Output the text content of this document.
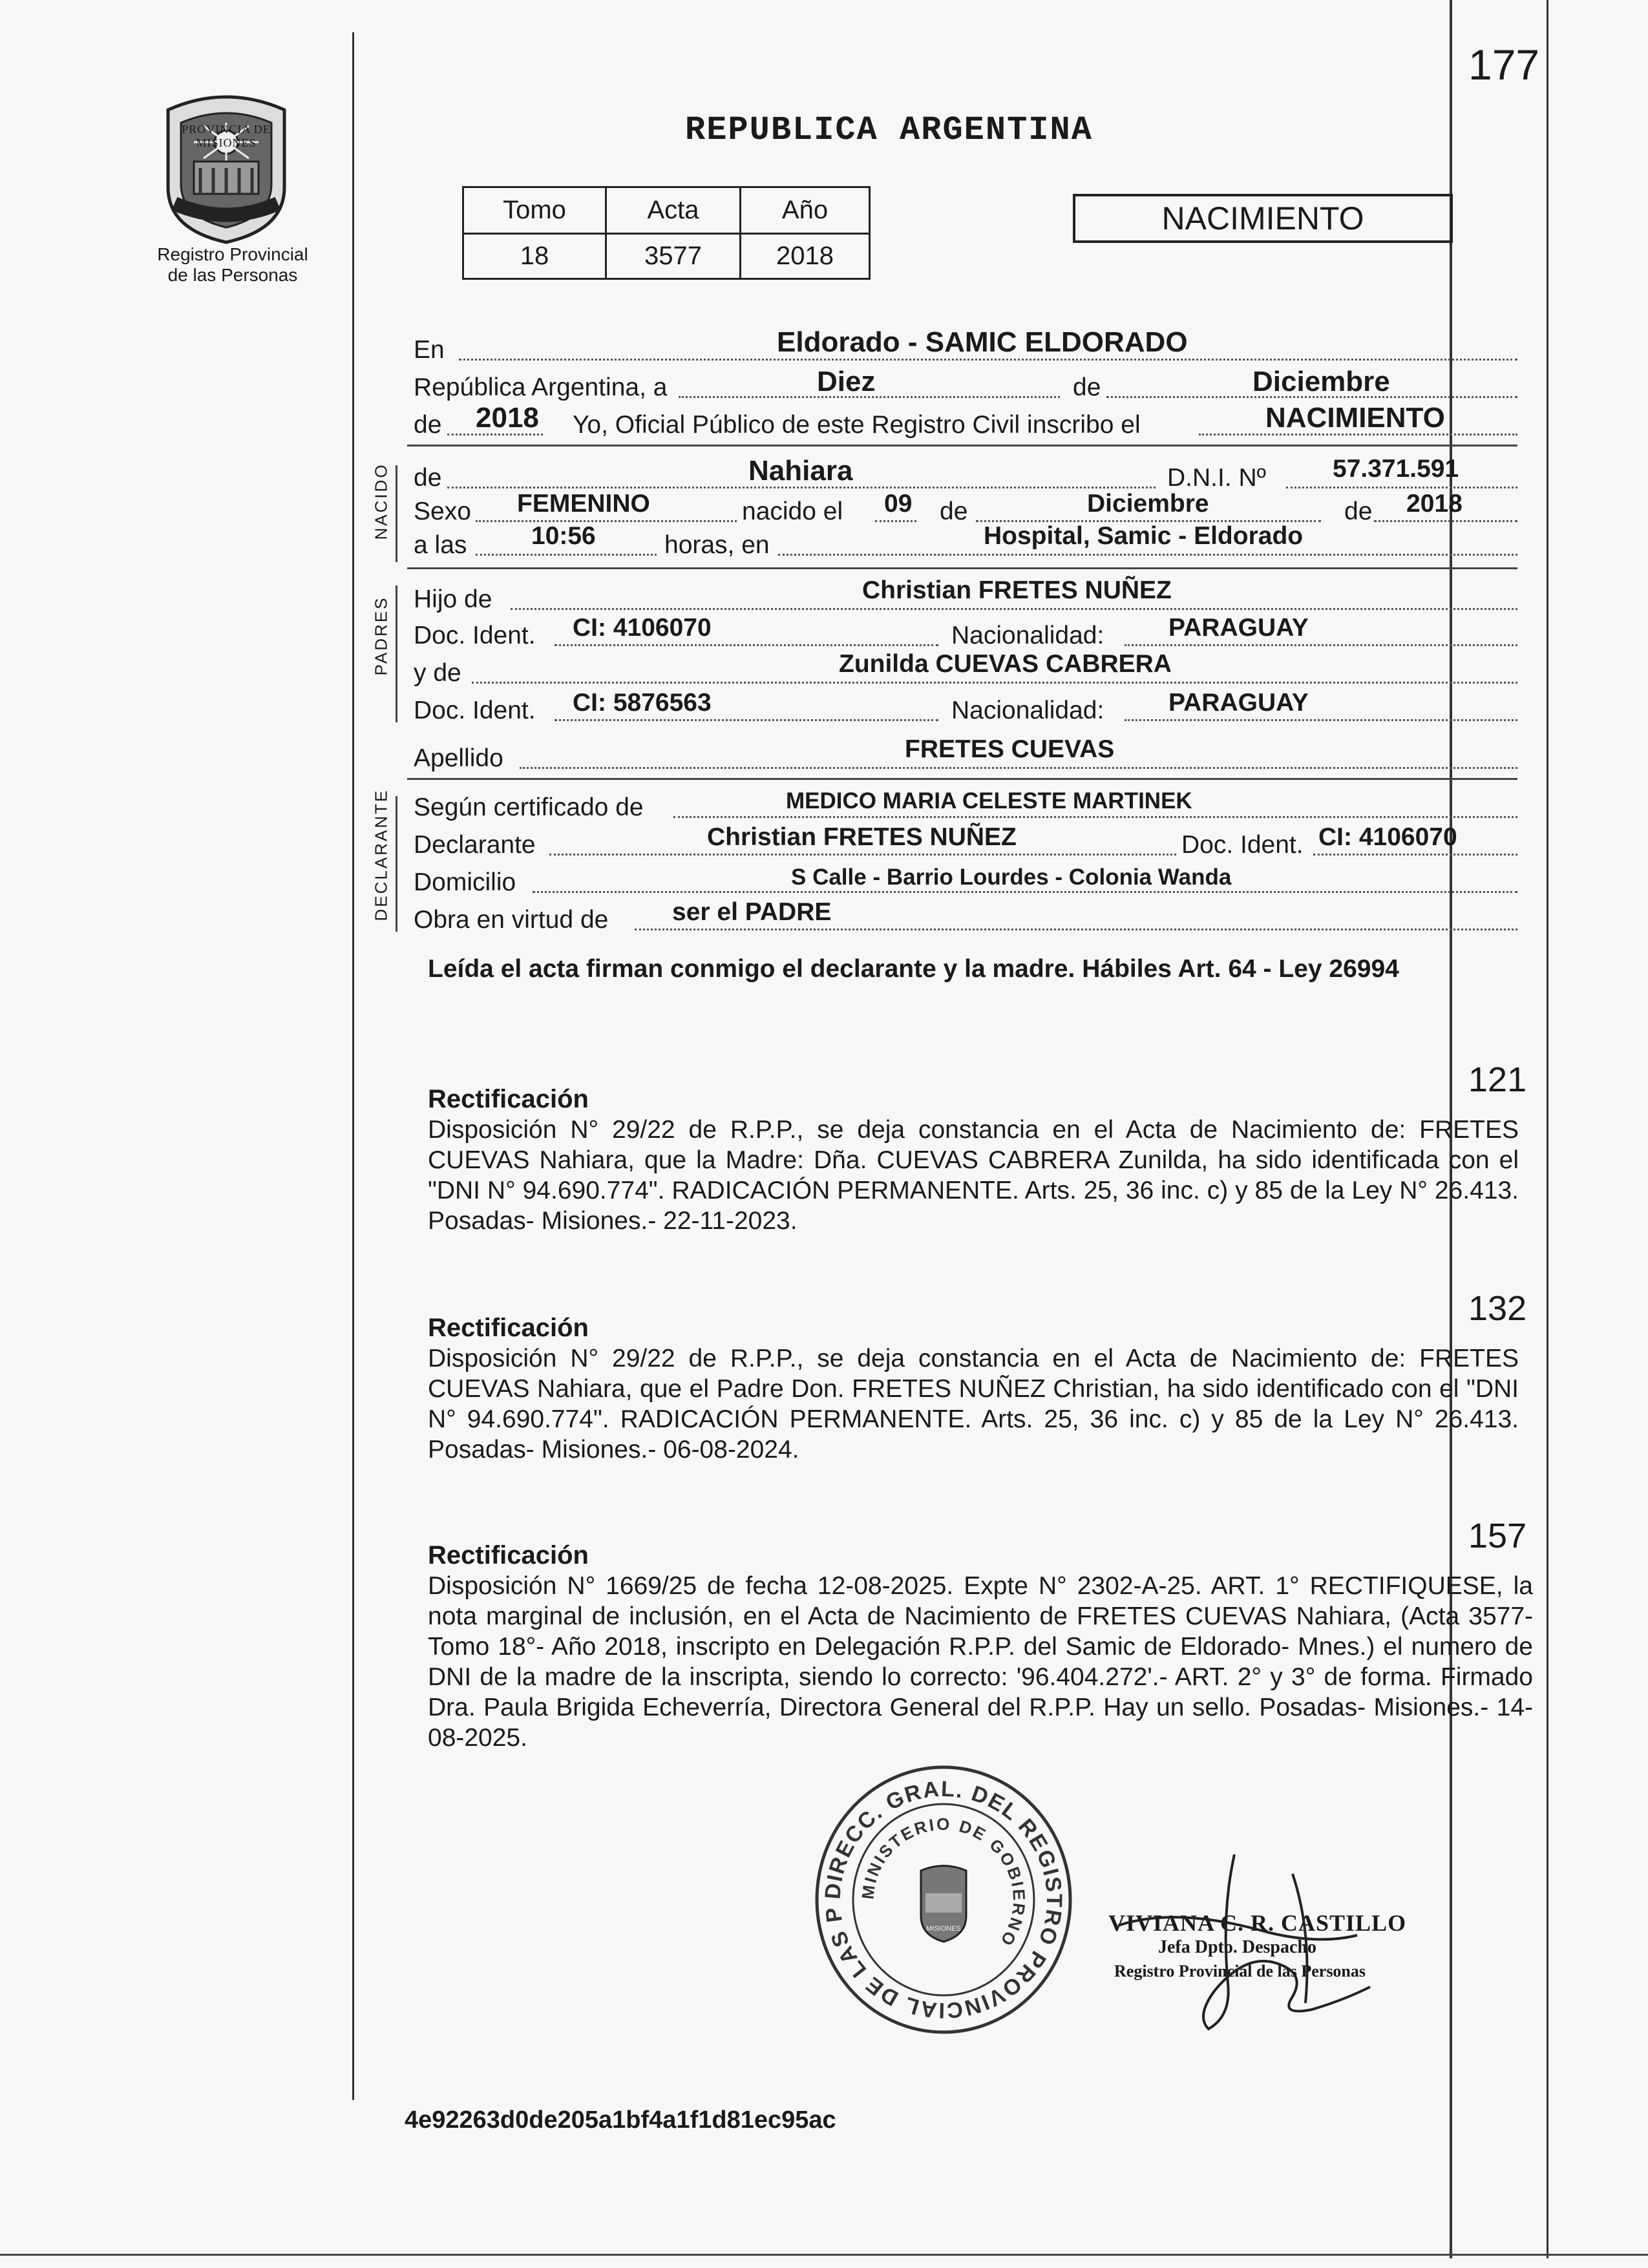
177
PROVINCIA DE MISIONES
Registro Provincial
de las Personas
REPUBLICA ARGENTINA
Tomo	Acta	Año
18	3577	2018
NACIMIENTO
En	Eldorado - SAMIC ELDORADO
República Argentina, a	Diez	de	Diciembre
de 2018 Yo, Oficial Público de este Registro Civil inscribo el	NACIMIENTO
NACIDO de	Nahiara	D.N.I. Nº	57.371.591
Sexo FEMENINO	nacido el 09 de	Diciembre	de 2018
a las	10:56	horas, en	Hospital, Samic - Eldorado
PADRES Hijo de	Christian FRETES NUÑEZ
Doc. Ident. CI: 4106070	Nacionalidad:	PARAGUAY
y de	Zunilda CUEVAS CABRERA
Doc. Ident. CI: 5876563	Nacionalidad:	PARAGUAY
Apellido	FRETES CUEVAS
DECLARANTE Según certificado de	MEDICO MARIA CELESTE MARTINEK
Declarante	Christian FRETES NUÑEZ	Doc. Ident. CI: 4106070
Domicilio	S Calle - Barrio Lourdes - Colonia Wanda
Obra en virtud de	ser el PADRE
Leída el acta firman conmigo el declarante y la madre. Hábiles Art. 64 - Ley 26994
121
Rectificación
Disposición N° 29/22 de R.P.P., se deja constancia en el Acta de Nacimiento de: FRETES CUEVAS Nahiara, que la Madre: Dña. CUEVAS CABRERA Zunilda, ha sido identificada con el "DNI N° 94.690.774". RADICACIÓN PERMANENTE. Arts. 25, 36 inc. c) y 85 de la Ley N° 26.413. Posadas- Misiones.- 22-11-2023.
132
Rectificación
Disposición N° 29/22 de R.P.P., se deja constancia en el Acta de Nacimiento de: FRETES CUEVAS Nahiara, que el Padre Don. FRETES NUÑEZ Christian, ha sido identificado con el "DNI N° 94.690.774". RADICACIÓN PERMANENTE. Arts. 25, 36 inc. c) y 85 de la Ley N° 26.413. Posadas- Misiones.- 06-08-2024.
157
Rectificación
Disposición N° 1669/25 de fecha 12-08-2025. Expte N° 2302-A-25. ART. 1° RECTIFIQUESE, la nota marginal de inclusión, en el Acta de Nacimiento de FRETES CUEVAS Nahiara, (Acta 3577- Tomo 18°- Año 2018, inscripto en Delegación R.P.P. del Samic de Eldorado- Mnes.) el numero de DNI de la madre de la inscripta, siendo lo correcto: '96.404.272'.- ART. 2° y 3° de forma. Firmado Dra. Paula Brigida Echeverría, Directora General del R.P.P. Hay un sello. Posadas- Misiones.- 14-08-2025.
DIRECC. GRAL. DEL REGISTRO PROVINCIAL DE LAS P
MINISTERIO DE GOBIERNO
MISIONES	VIVIANA C. R. CASTILLO
Jefa Dpto. Despacho
Registro Provincial de las Personas
4e92263d0de205a1bf4a1f1d81ec95ac
